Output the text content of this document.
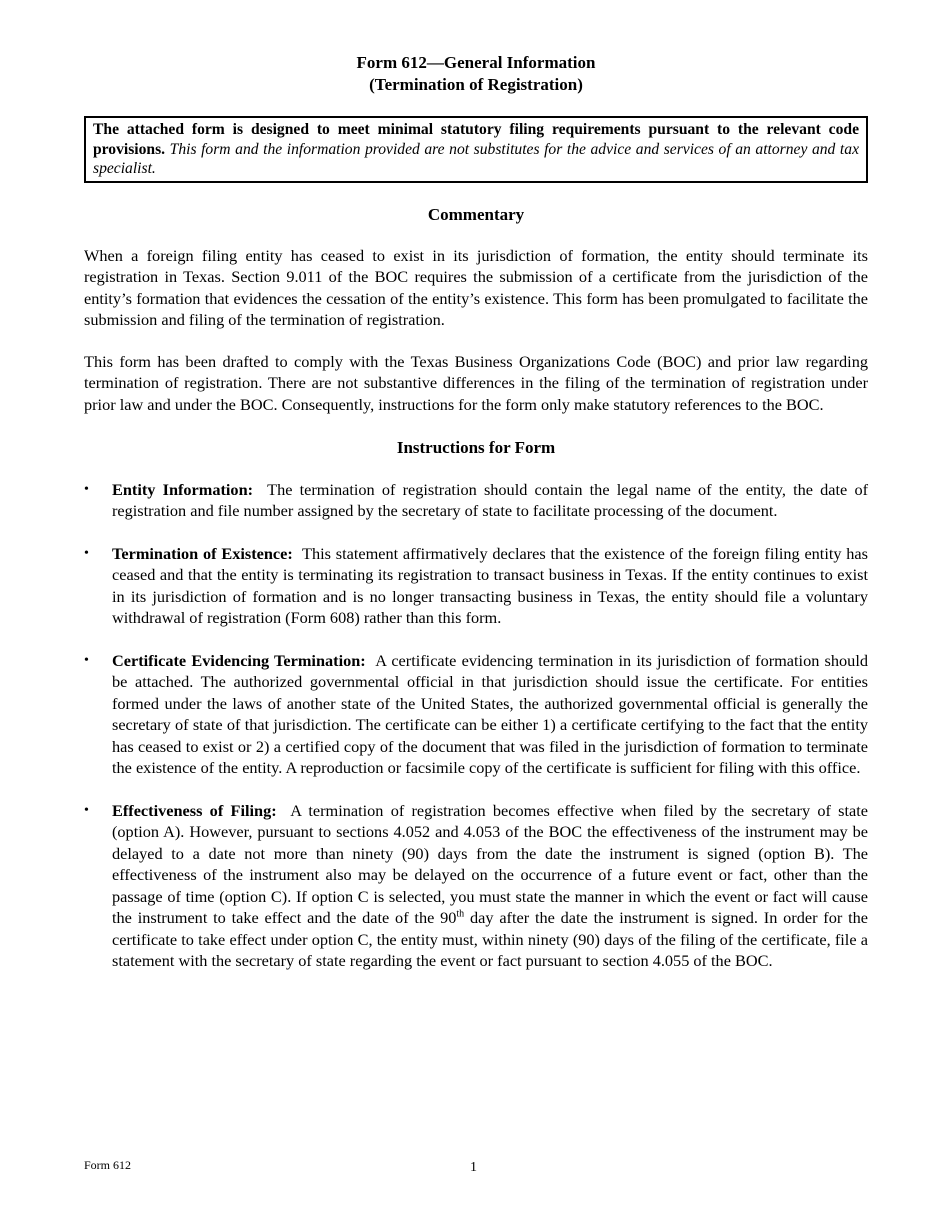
Form 612—General Information
(Termination of Registration)

The attached form is designed to meet minimal statutory filing requirements pursuant to the relevant code provisions. This form and the information provided are not substitutes for the advice and services of an attorney and tax specialist.

Commentary

When a foreign filing entity has ceased to exist in its jurisdiction of formation, the entity should terminate its registration in Texas. Section 9.011 of the BOC requires the submission of a certificate from the jurisdiction of the entity’s formation that evidences the cessation of the entity’s existence. This form has been promulgated to facilitate the submission and filing of the termination of registration.

This form has been drafted to comply with the Texas Business Organizations Code (BOC) and prior law regarding termination of registration. There are not substantive differences in the filing of the termination of registration under prior law and under the BOC. Consequently, instructions for the form only make statutory references to the BOC.

Instructions for Form

•	Entity Information: The termination of registration should contain the legal name of the entity, the date of registration and file number assigned by the secretary of state to facilitate processing of the document.
•	Termination of Existence: This statement affirmatively declares that the existence of the foreign filing entity has ceased and that the entity is terminating its registration to transact business in Texas. If the entity continues to exist in its jurisdiction of formation and is no longer transacting business in Texas, the entity should file a voluntary withdrawal of registration (Form 608) rather than this form.
•	Certificate Evidencing Termination: A certificate evidencing termination in its jurisdiction of formation should be attached. The authorized governmental official in that jurisdiction should issue the certificate. For entities formed under the laws of another state of the United States, the authorized governmental official is generally the secretary of state of that jurisdiction. The certificate can be either 1) a certificate certifying to the fact that the entity has ceased to exist or 2) a certified copy of the document that was filed in the jurisdiction of formation to terminate the existence of the entity. A reproduction or facsimile copy of the certificate is sufficient for filing with this office.
•	Effectiveness of Filing: A termination of registration becomes effective when filed by the secretary of state (option A). However, pursuant to sections 4.052 and 4.053 of the BOC the effectiveness of the instrument may be delayed to a date not more than ninety (90) days from the date the instrument is signed (option B). The effectiveness of the instrument also may be delayed on the occurrence of a future event or fact, other than the passage of time (option C). If option C is selected, you must state the manner in which the event or fact will cause the instrument to take effect and the date of the 90th day after the date the instrument is signed. In order for the certificate to take effect under option C, the entity must, within ninety (90) days of the filing of the certificate, file a statement with the secretary of state regarding the event or fact pursuant to section 4.055 of the BOC.
Form 612	1
